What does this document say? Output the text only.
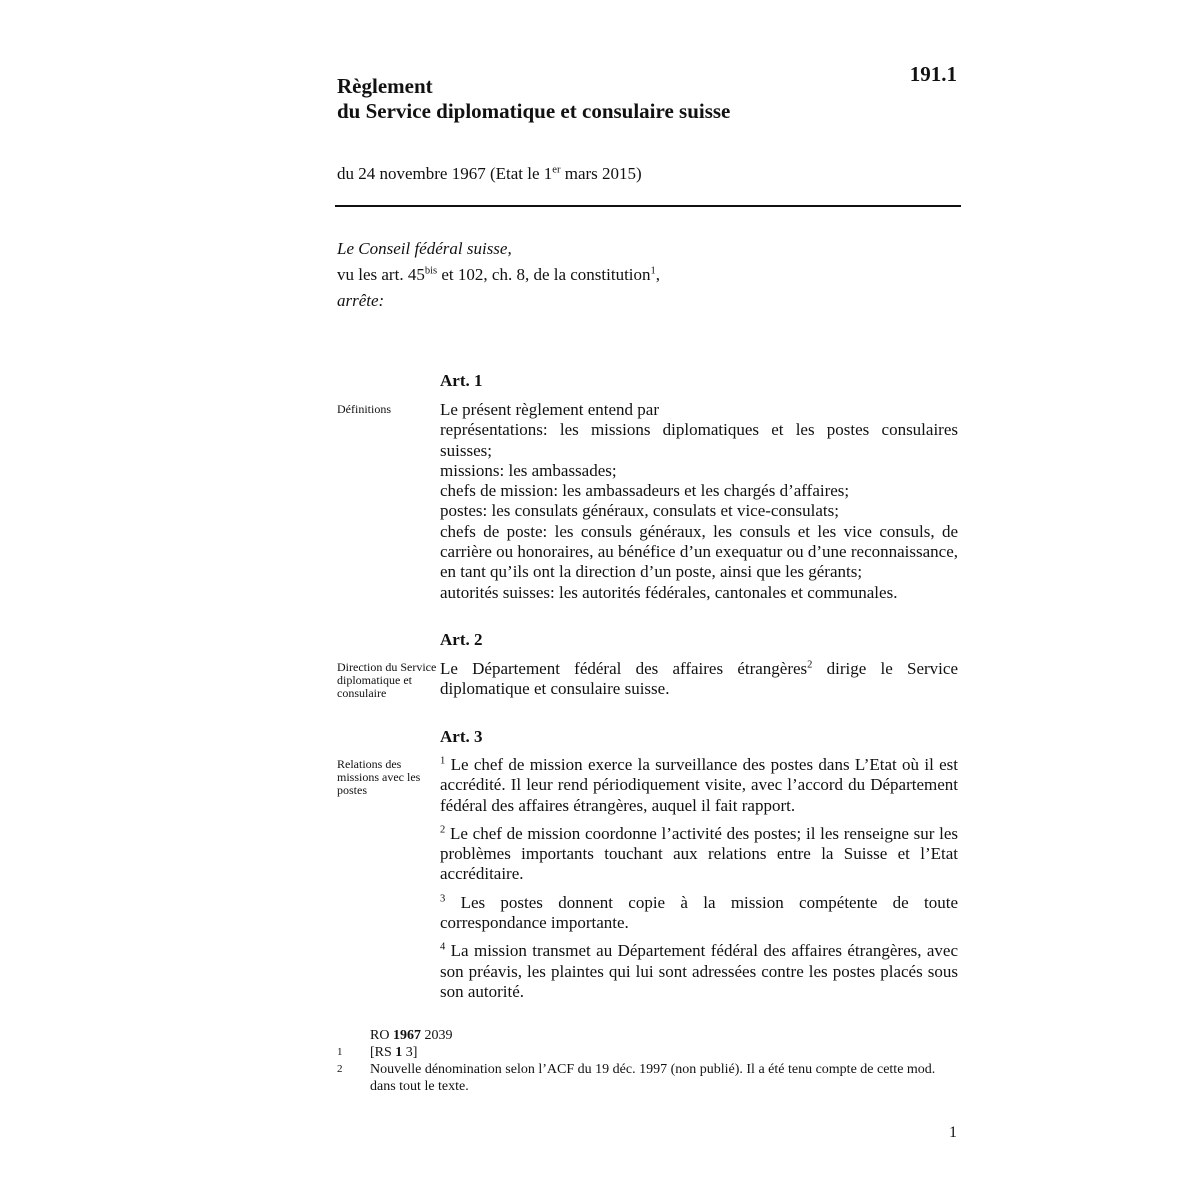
Règlement
du Service diplomatique et consulaire suisse
191.1
du 24 novembre 1967 (Etat le 1er mars 2015)
Le Conseil fédéral suisse,
vu les art. $45^{bis}$ et 102, ch. 8, de la constitution$^1$,
arrête:
Art. 1
Définitions	Le présent règlement entend par
représentations: les missions diplomatiques et les postes consulaires suisses;
missions: les ambassades;
chefs de mission: les ambassadeurs et les chargés d’affaires;
postes: les consulats généraux, consulats et vice-consulats;
chefs de poste: les consuls généraux, les consuls et les vice consuls, de carrière ou honoraires, au bénéfice d’un exequatur ou d’une reconnaissance, en tant qu’ils ont la direction d’un poste, ainsi que les gérants;
autorités suisses: les autorités fédérales, cantonales et communales.
Art. 2
Direction du Service diplomatique et consulaire
Le Département fédéral des affaires étrangères$^2$ dirige le Service diplomatique et consulaire suisse.
Art. 3
Relations des missions avec les postes
$^1$ Le chef de mission exerce la surveillance des postes dans L’Etat où il est accrédité. Il leur rend périodiquement visite, avec l’accord du Département fédéral des affaires étrangères, auquel il fait rapport.
$^2$ Le chef de mission coordonne l’activité des postes; il les renseigne sur les problèmes importants touchant aux relations entre la Suisse et l’Etat accréditaire.
$^3$ Les postes donnent copie à la mission compétente de toute correspondance importante.
$^4$ La mission transmet au Département fédéral des affaires étrangères, avec son préavis, les plaintes qui lui sont adressées contre les postes placés sous son autorité.
RO 1967 2039
1	[RS 1 3]
2	Nouvelle dénomination selon l’ACF du 19 déc. 1997 (non publié). Il a été tenu compte de cette mod. dans tout le texte.
1
